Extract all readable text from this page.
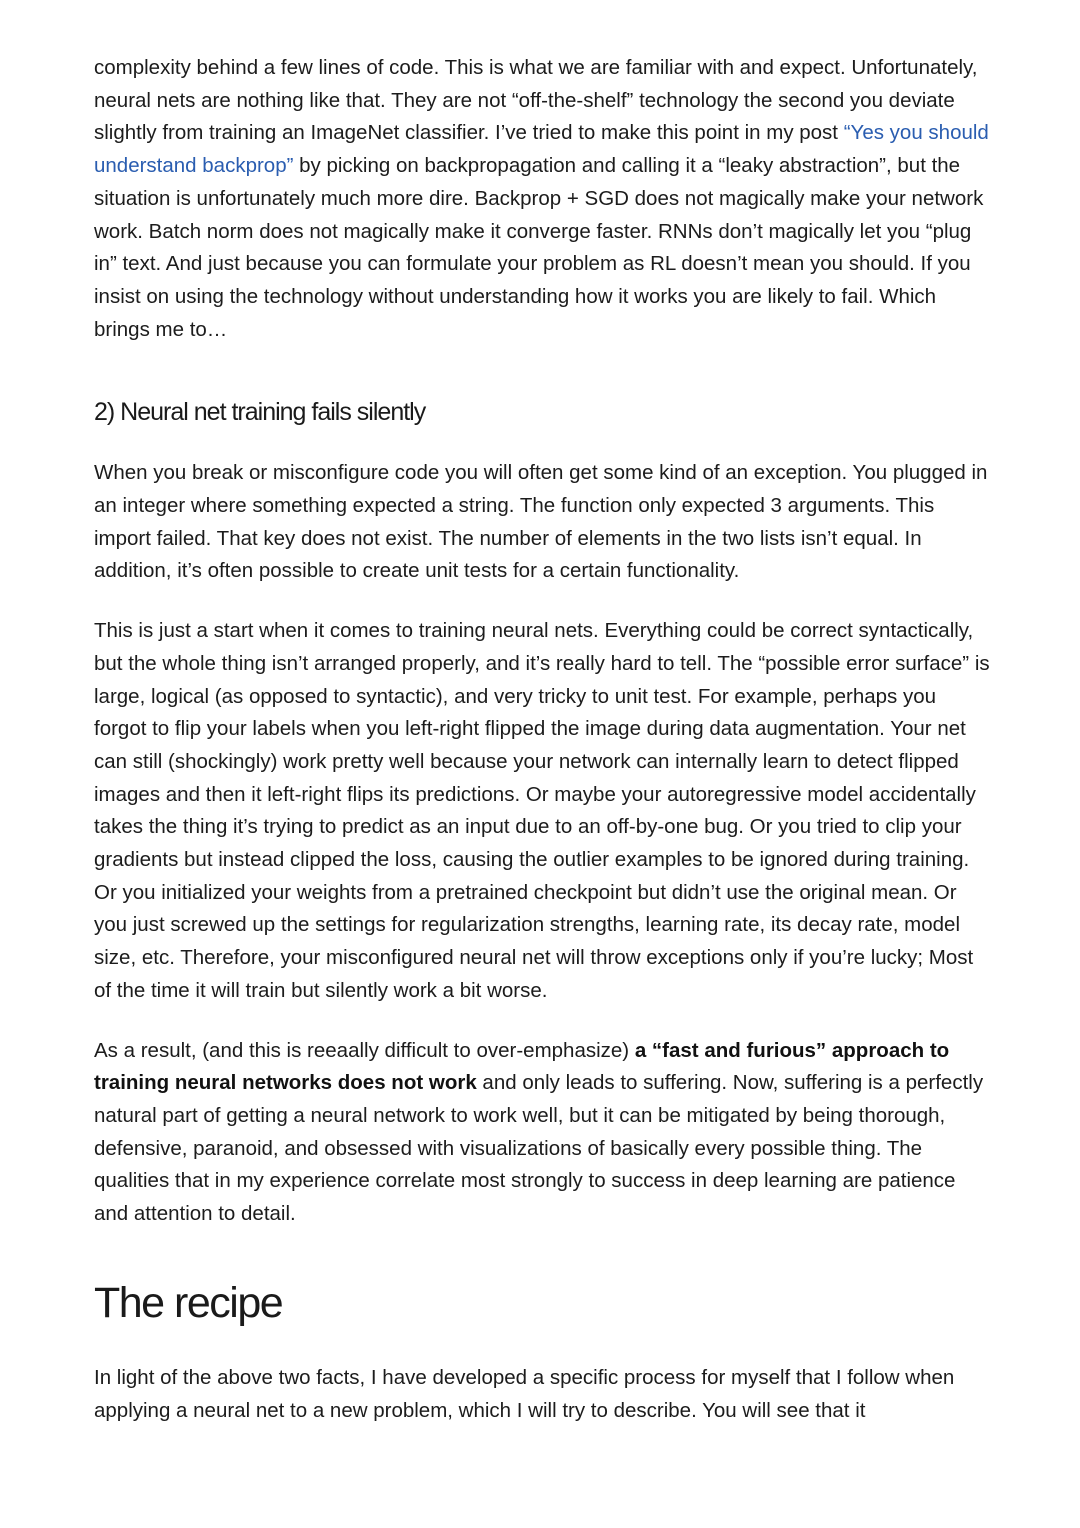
complexity behind a few lines of code. This is what we are familiar with and expect. Unfortunately, neural nets are nothing like that. They are not “off-the-shelf” technology the second you deviate slightly from training an ImageNet classifier. I’ve tried to make this point in my post “Yes you should understand backprop” by picking on backpropagation and calling it a “leaky abstraction”, but the situation is unfortunately much more dire. Backprop + SGD does not magically make your network work. Batch norm does not magically make it converge faster. RNNs don’t magically let you “plug in” text. And just because you can formulate your problem as RL doesn’t mean you should. If you insist on using the technology without understanding how it works you are likely to fail. Which brings me to…

2) Neural net training fails silently

When you break or misconfigure code you will often get some kind of an exception. You plugged in an integer where something expected a string. The function only expected 3 arguments. This import failed. That key does not exist. The number of elements in the two lists isn’t equal. In addition, it’s often possible to create unit tests for a certain functionality.

This is just a start when it comes to training neural nets. Everything could be correct syntactically, but the whole thing isn’t arranged properly, and it’s really hard to tell. The “possible error surface” is large, logical (as opposed to syntactic), and very tricky to unit test. For example, perhaps you forgot to flip your labels when you left-right flipped the image during data augmentation. Your net can still (shockingly) work pretty well because your network can internally learn to detect flipped images and then it left-right flips its predictions. Or maybe your autoregressive model accidentally takes the thing it’s trying to predict as an input due to an off-by-one bug. Or you tried to clip your gradients but instead clipped the loss, causing the outlier examples to be ignored during training. Or you initialized your weights from a pretrained checkpoint but didn’t use the original mean. Or you just screwed up the settings for regularization strengths, learning rate, its decay rate, model size, etc. Therefore, your misconfigured neural net will throw exceptions only if you’re lucky; Most of the time it will train but silently work a bit worse.

As a result, (and this is reeaally difficult to over-emphasize) a “fast and furious” approach to training neural networks does not work and only leads to suffering. Now, suffering is a perfectly natural part of getting a neural network to work well, but it can be mitigated by being thorough, defensive, paranoid, and obsessed with visualizations of basically every possible thing. The qualities that in my experience correlate most strongly to success in deep learning are patience and attention to detail.

The recipe

In light of the above two facts, I have developed a specific process for myself that I follow when applying a neural net to a new problem, which I will try to describe. You will see that it
